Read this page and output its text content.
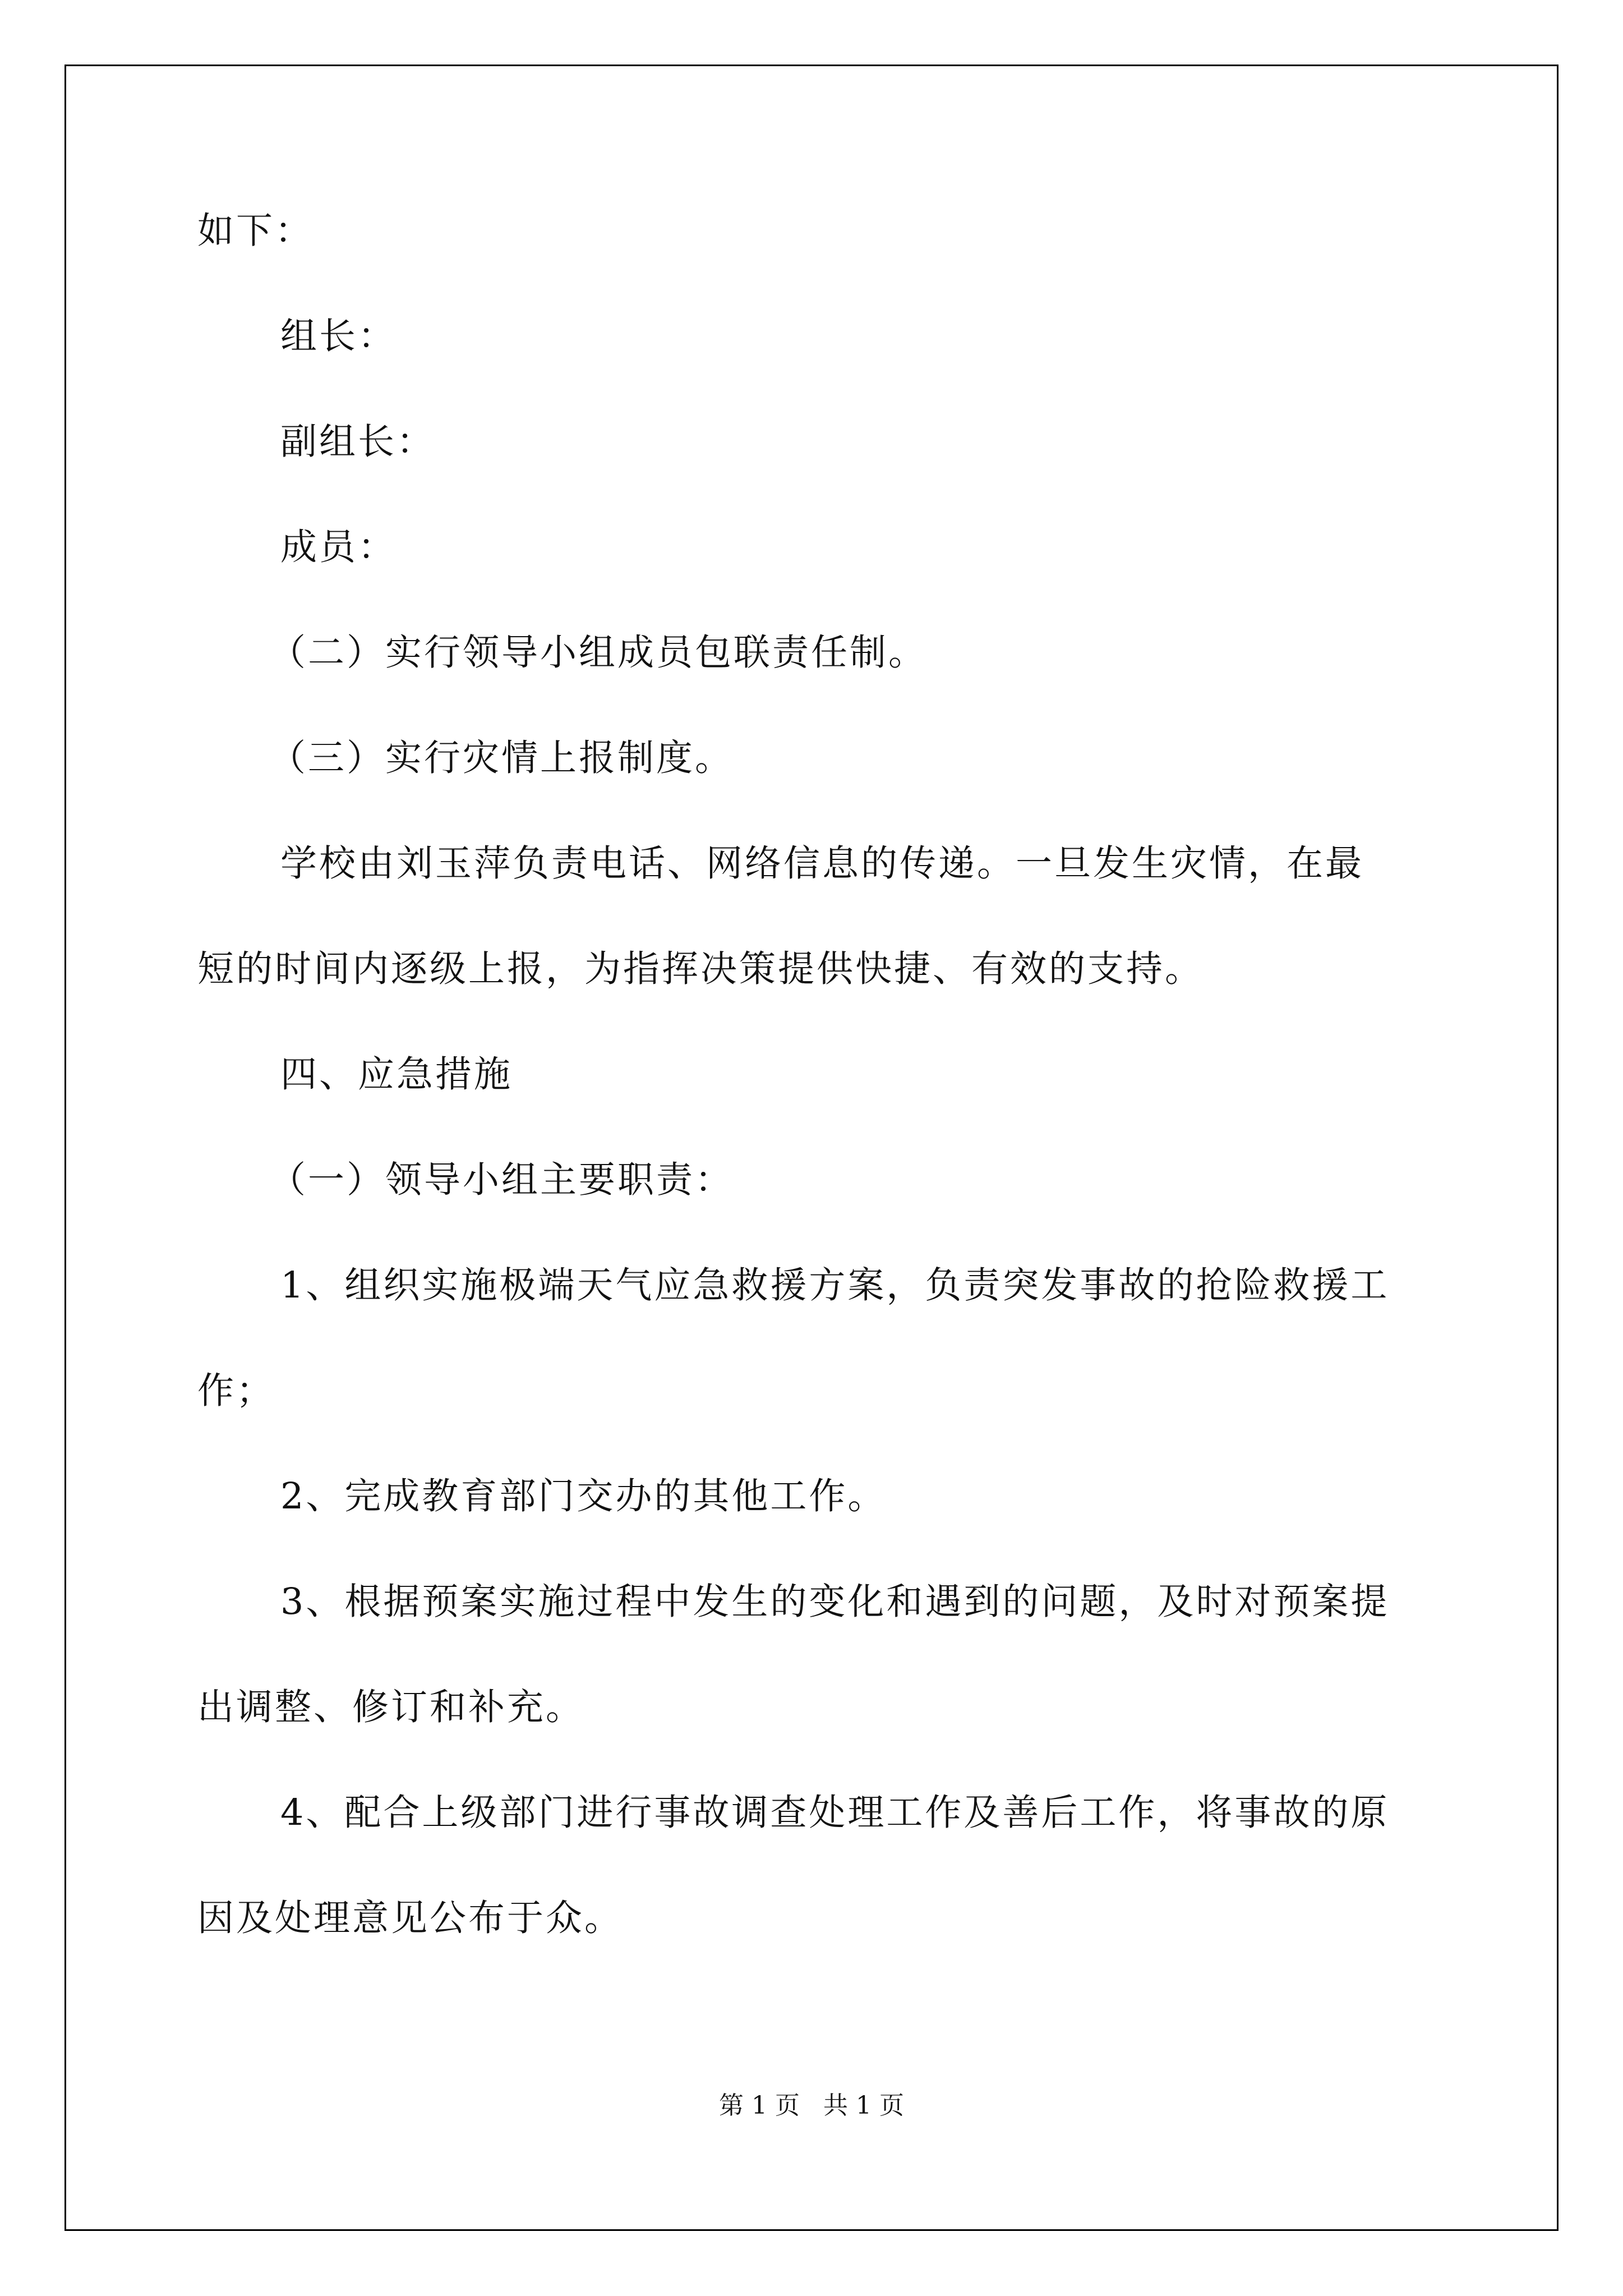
如下：
组长：
副组长：
成员：
（二）实行领导小组成员包联责任制。
（三）实行灾情上报制度。
学校由刘玉萍负责电话、网络信息的传递。一旦发生灾情，在最
短的时间内逐级上报，为指挥决策提供快捷、有效的支持。
四、应急措施
（一）领导小组主要职责：
1、组织实施极端天气应急救援方案，负责突发事故的抢险救援工
作；
2、完成教育部门交办的其他工作。
3、根据预案实施过程中发生的变化和遇到的问题，及时对预案提
出调整、修订和补充。
4、配合上级部门进行事故调查处理工作及善后工作，将事故的原
因及处理意见公布于众。
第 1 页   共 1 页
